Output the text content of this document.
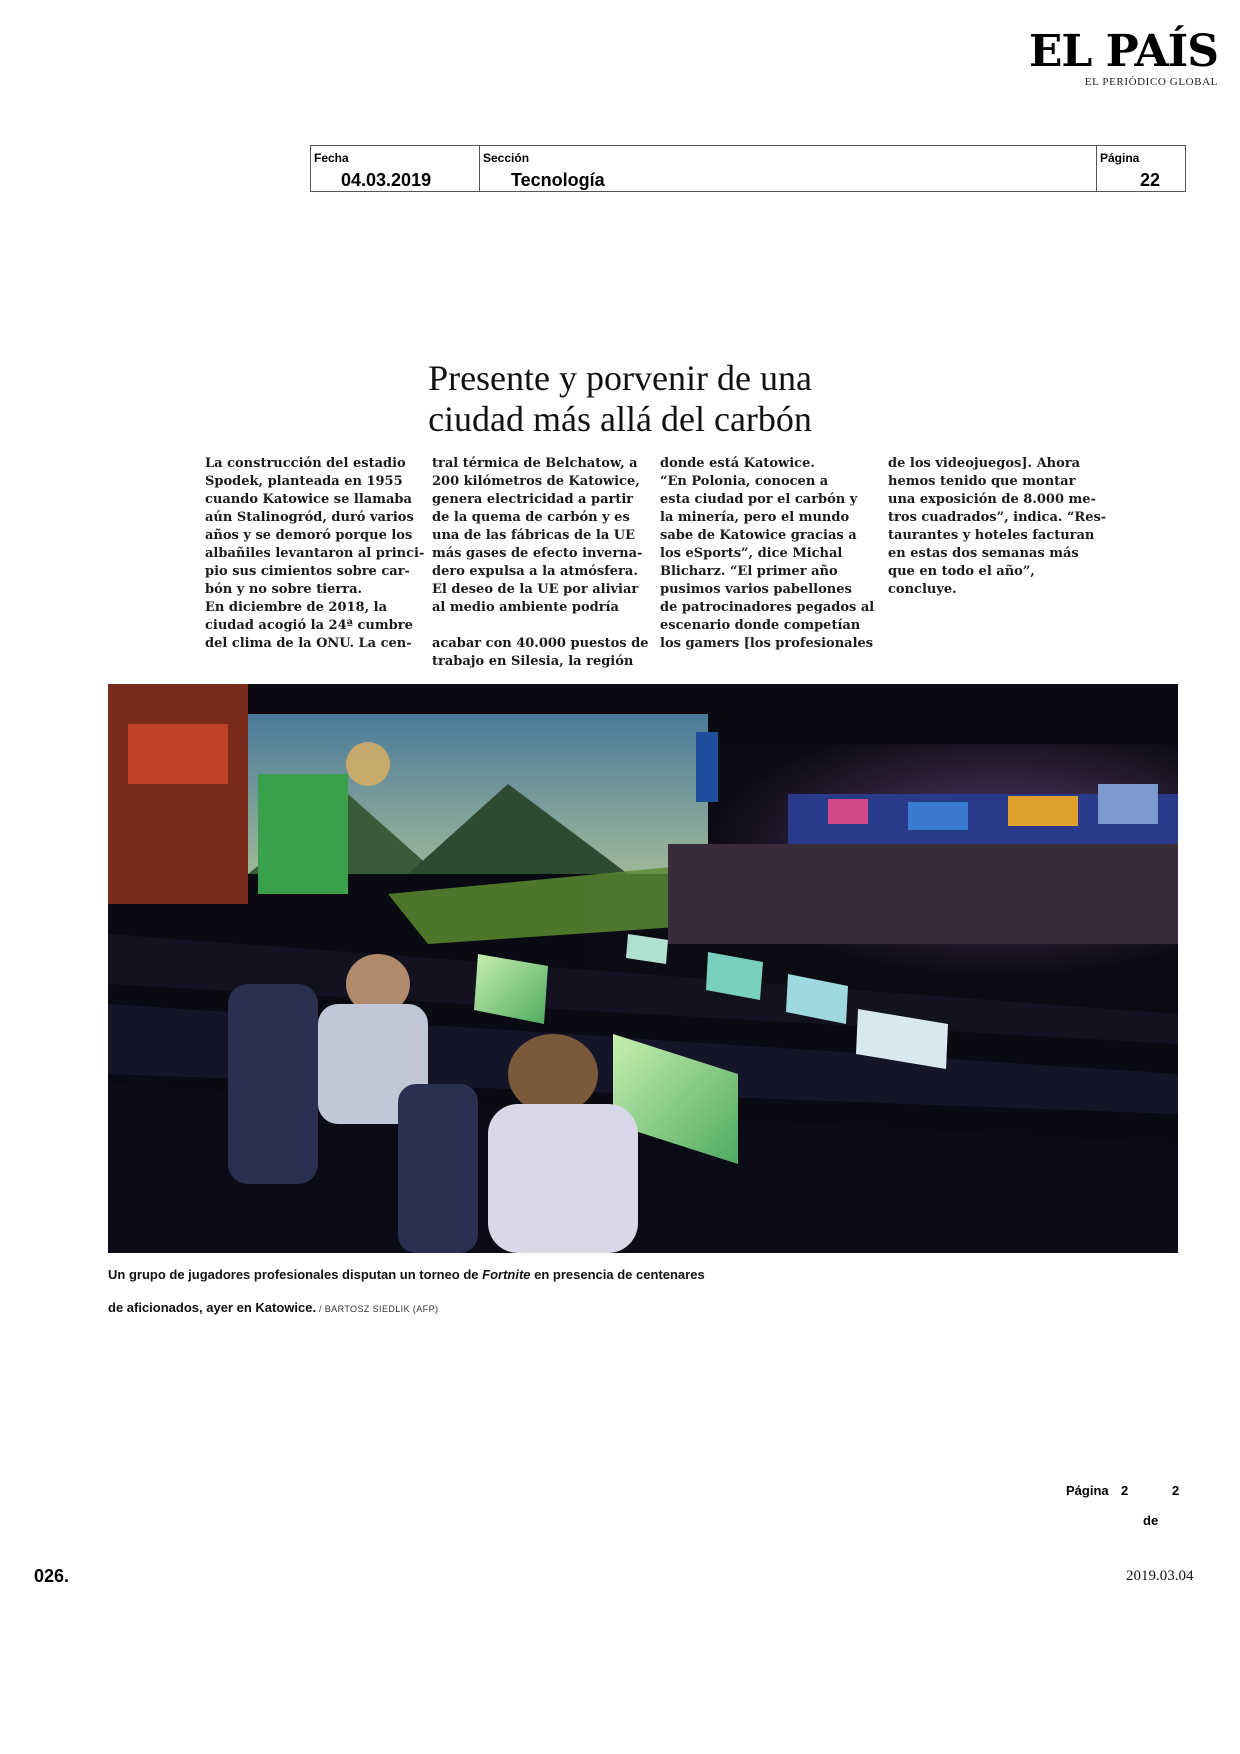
EL PAÍS
EL PERIÓDICO GLOBAL
Fecha
04.03.2019
Sección
Tecnología
Página
22
Presente y porvenir de una
ciudad más allá del carbón
La construcción del estadio
Spodek, planteada en 1955
cuando Katowice se llamaba
aún Stalinogród, duró varios
años y se demoró porque los
albañiles levantaron al princi-
pio sus cimientos sobre car-
bón y no sobre tierra.
En diciembre de 2018, la
ciudad acogió la 24ª cumbre
del clima de la ONU. La cen-
tral térmica de Belchatow, a
200 kilómetros de Katowice,
genera electricidad a partir
de la quema de carbón y es
una de las fábricas de la UE
más gases de efecto inverna-
dero expulsa a la atmósfera.
El deseo de la UE por aliviar
al medio ambiente podría

acabar con 40.000 puestos de
trabajo en Silesia, la región
donde está Katowice.
“En Polonia, conocen a
esta ciudad por el carbón y
la minería, pero el mundo
sabe de Katowice gracias a
los eSports”, dice Michal
Blicharz. “El primer año
pusimos varios pabellones
de patrocinadores pegados al
escenario donde competían
los gamers [los profesionales
de los videojuegos]. Ahora
hemos tenido que montar
una exposición de 8.000 me-
tros cuadrados”, indica. “Res-
taurantes y hoteles facturan
en estas dos semanas más
que en todo el año”, concluye.
Un grupo de jugadores profesionales disputan un torneo de Fortnite en presencia de centenares
de aficionados, ayer en Katowice. / BARTOSZ SIEDLIK (AFP)
Página 2	2
de
026.	2019.03.04
